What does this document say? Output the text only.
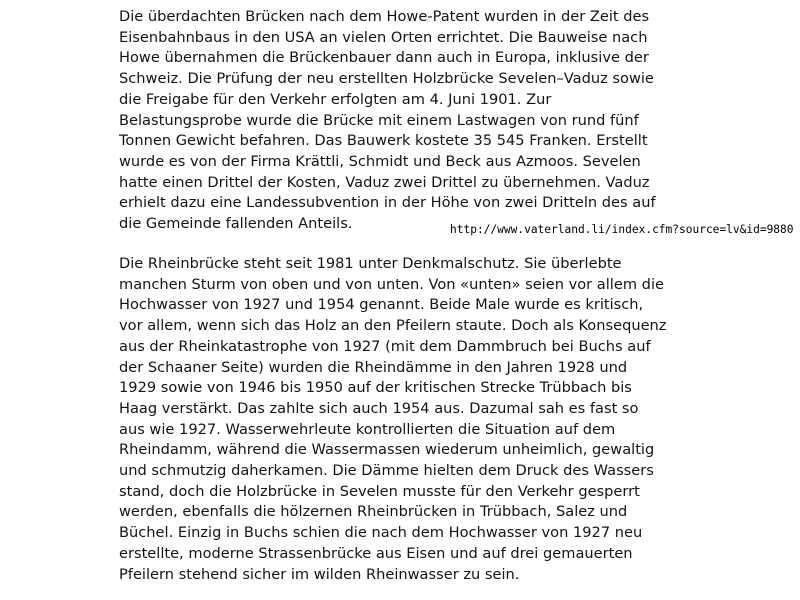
Die überdachten Brücken nach dem Howe-Patent wurden in der Zeit des
Eisenbahnbaus in den USA an vielen Orten errichtet. Die Bauweise nach
Howe übernahmen die Brückenbauer dann auch in Europa, inklusive der
Schweiz. Die Prüfung der neu erstellten Holzbrücke Sevelen–Vaduz sowie
die Freigabe für den Verkehr erfolgten am 4. Juni 1901. Zur
Belastungsprobe wurde die Brücke mit einem Lastwagen von rund fünf
Tonnen Gewicht befahren. Das Bauwerk kostete 35 545 Franken. Erstellt
wurde es von der Firma Krättli, Schmidt und Beck aus Azmoos. Sevelen
hatte einen Drittel der Kosten, Vaduz zwei Drittel zu übernehmen. Vaduz
erhielt dazu eine Landessubvention in der Höhe von zwei Dritteln des auf
die Gemeinde fallenden Anteils.	http://www.vaterland.li/index.cfm?source=lv&id=9880
Die Rheinbrücke steht seit 1981 unter Denkmalschutz. Sie überlebte
manchen Sturm von oben und von unten. Von «unten» seien vor allem die
Hochwasser von 1927 und 1954 genannt. Beide Male wurde es kritisch,
vor allem, wenn sich das Holz an den Pfeilern staute. Doch als Konsequenz
aus der Rheinkatastrophe von 1927 (mit dem Dammbruch bei Buchs auf
der Schaaner Seite) wurden die Rheindämme in den Jahren 1928 und
1929 sowie von 1946 bis 1950 auf der kritischen Strecke Trübbach bis
Haag verstärkt. Das zahlte sich auch 1954 aus. Dazumal sah es fast so
aus wie 1927. Wasserwehrleute kontrollierten die Situation auf dem
Rheindamm, während die Wassermassen wiederum unheimlich, gewaltig
und schmutzig daherkamen. Die Dämme hielten dem Druck des Wassers
stand, doch die Holzbrücke in Sevelen musste für den Verkehr gesperrt
werden, ebenfalls die hölzernen Rheinbrücken in Trübbach, Salez und
Büchel. Einzig in Buchs schien die nach dem Hochwasser von 1927 neu
erstellte, moderne Strassenbrücke aus Eisen und auf drei gemauerten
Pfeilern stehend sicher im wilden Rheinwasser zu sein.
